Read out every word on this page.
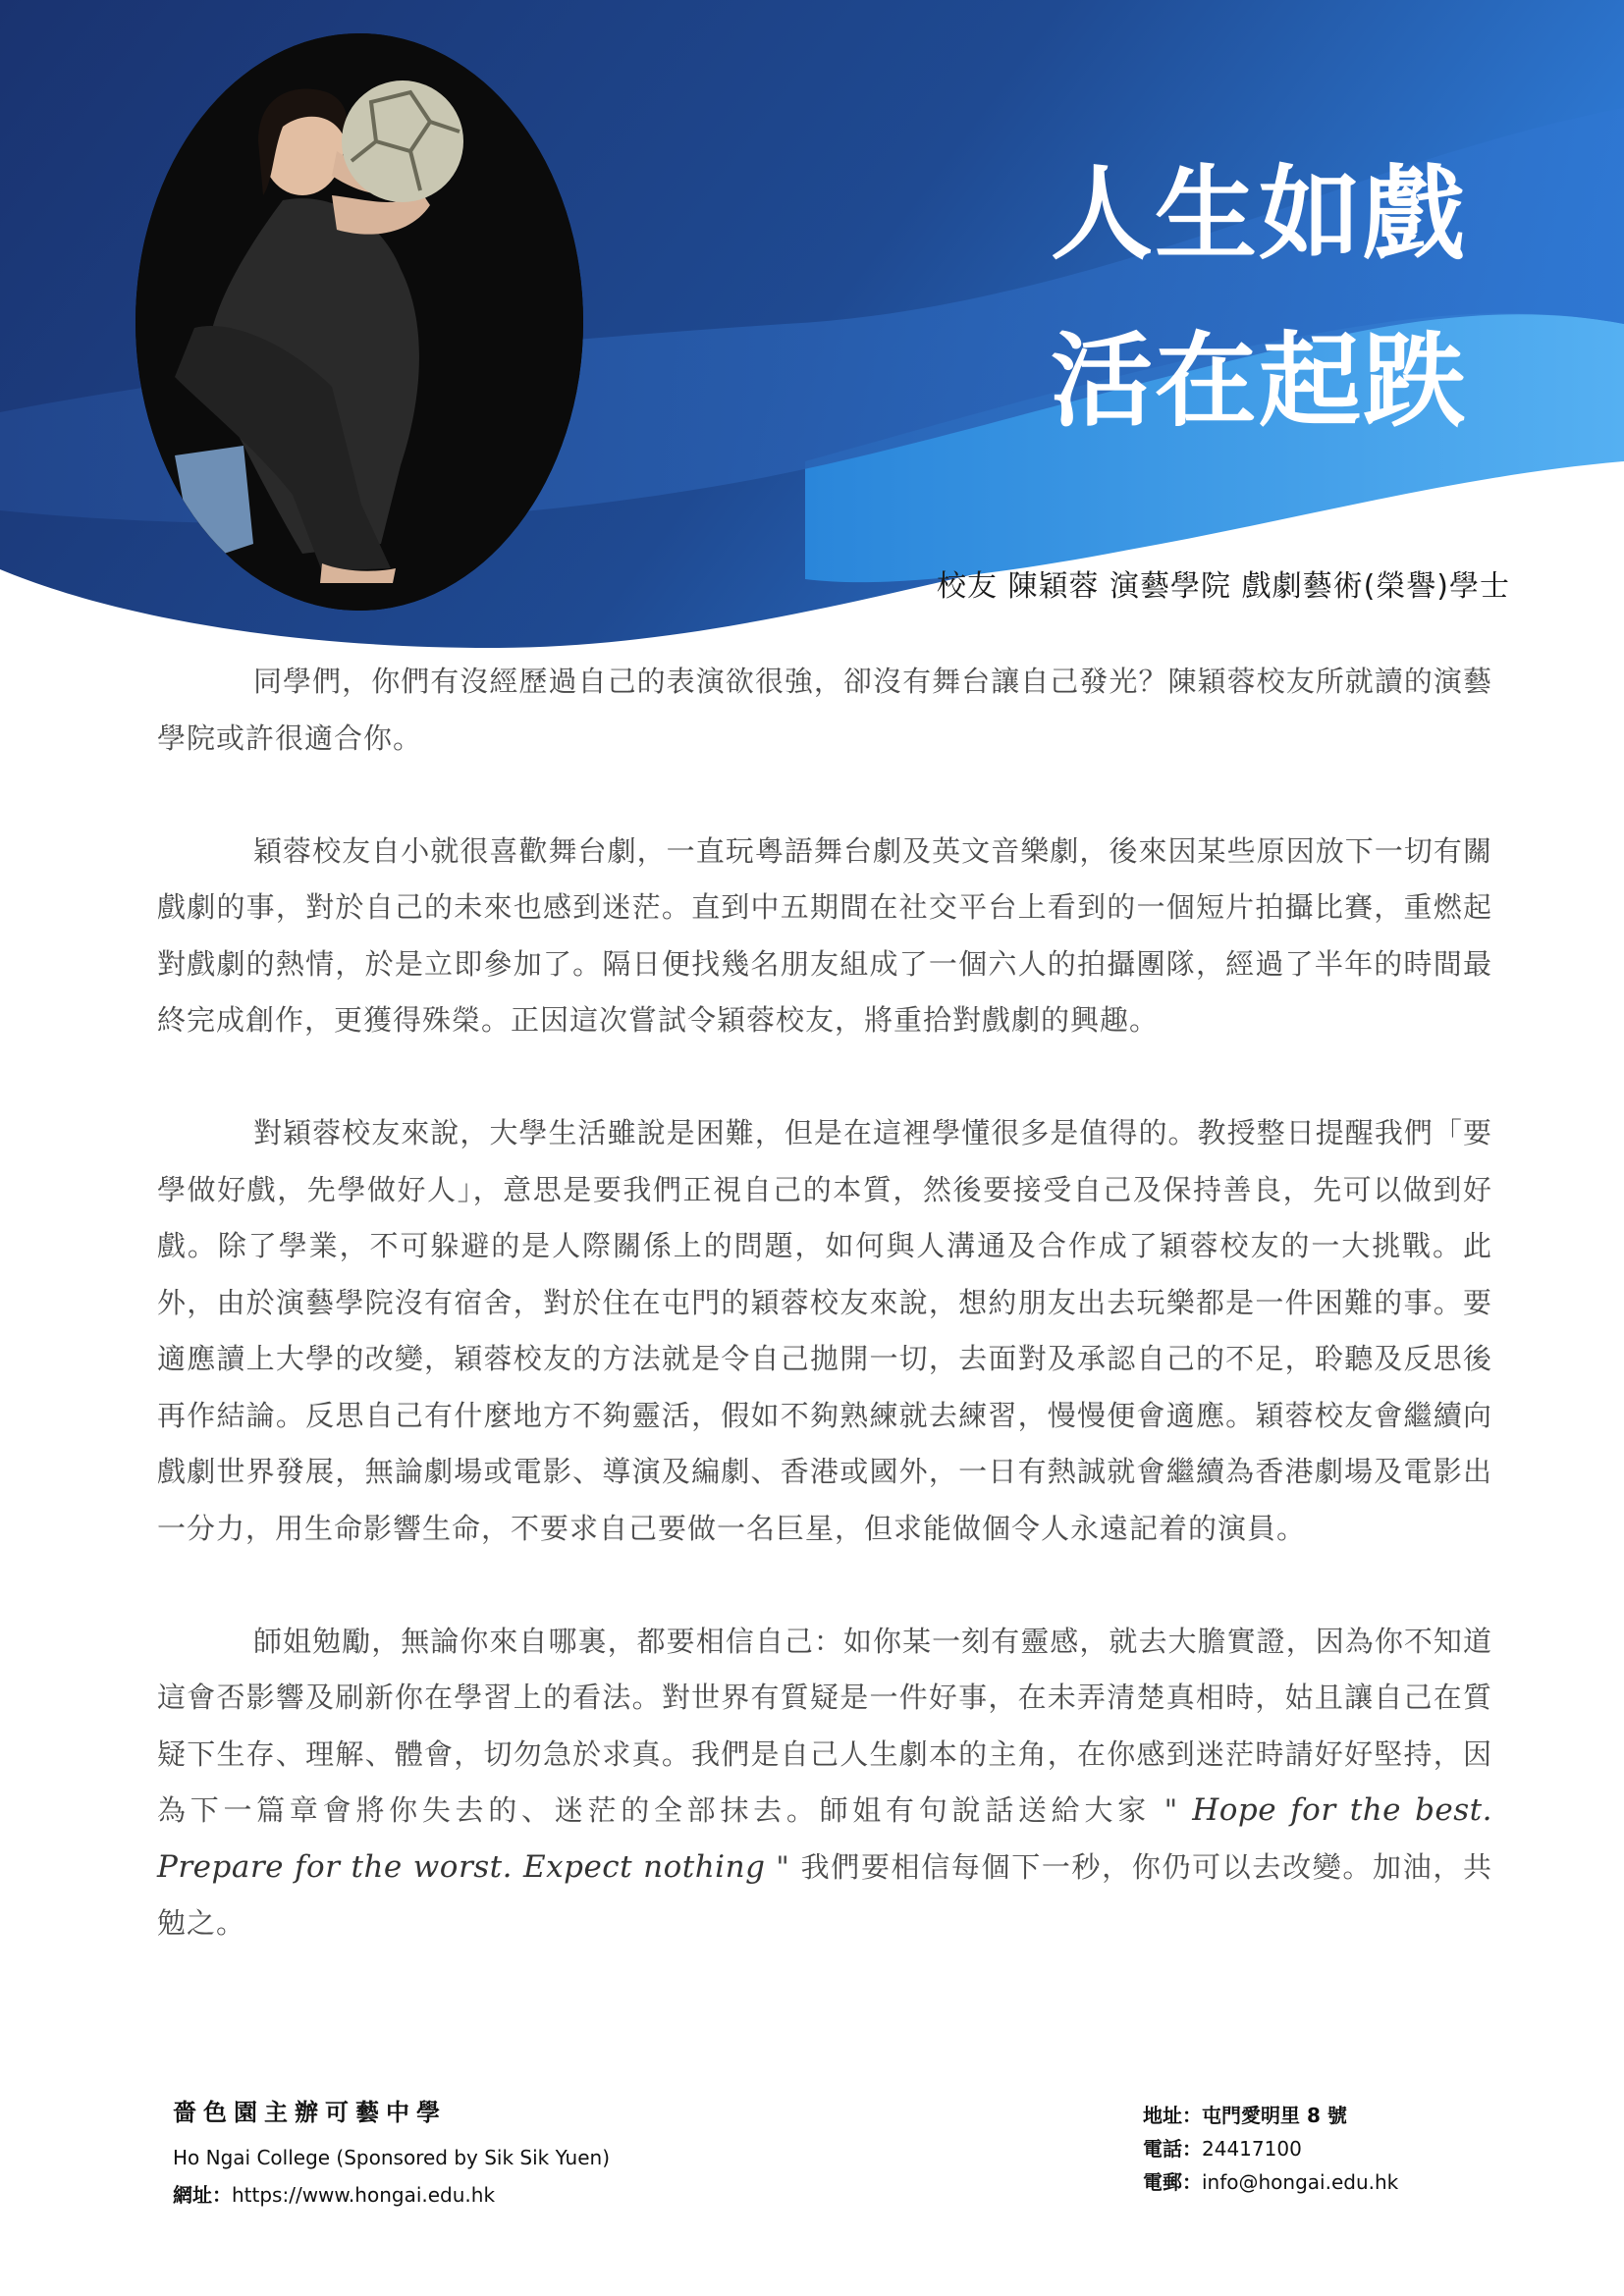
人生如戲
活在起跌
校友 陳穎蓉 演藝學院 戲劇藝術(榮譽)學士

同學們，你們有沒經歷過自己的表演欲很強，卻沒有舞台讓自己發光？陳穎蓉校友所就讀的演藝學院或許很適合你。

穎蓉校友自小就很喜歡舞台劇，一直玩粵語舞台劇及英文音樂劇，後來因某些原因放下一切有關戲劇的事，對於自己的未來也感到迷茫。直到中五期間在社交平台上看到的一個短片拍攝比賽，重燃起對戲劇的熱情，於是立即參加了。隔日便找幾名朋友組成了一個六人的拍攝團隊，經過了半年的時間最終完成創作，更獲得殊榮。正因這次嘗試令穎蓉校友，將重拾對戲劇的興趣。

對穎蓉校友來說，大學生活雖說是困難，但是在這裡學懂很多是值得的。教授整日提醒我們「要學做好戲，先學做好人」，意思是要我們正視自己的本質，然後要接受自己及保持善良，先可以做到好戲。除了學業，不可躲避的是人際關係上的問題，如何與人溝通及合作成了穎蓉校友的一大挑戰。此外，由於演藝學院沒有宿舍，對於住在屯門的穎蓉校友來說，想約朋友出去玩樂都是一件困難的事。要適應讀上大學的改變，穎蓉校友的方法就是令自己拋開一切，去面對及承認自己的不足，聆聽及反思後再作結論。反思自己有什麼地方不夠靈活，假如不夠熟練就去練習，慢慢便會適應。穎蓉校友會繼續向戲劇世界發展，無論劇場或電影、導演及編劇、香港或國外，一日有熱誠就會繼續為香港劇場及電影出一分力，用生命影響生命，不要求自己要做一名巨星，但求能做個令人永遠記着的演員。

師姐勉勵，無論你來自哪裏，都要相信自己：如你某一刻有靈感，就去大膽實證，因為你不知道這會否影響及刷新你在學習上的看法。對世界有質疑是一件好事，在未弄清楚真相時，姑且讓自己在質疑下生存、理解、體會，切勿急於求真。我們是自己人生劇本的主角，在你感到迷茫時請好好堅持，因為下一篇章會將你失去的、迷茫的全部抹去。師姐有句說話送給大家 " Hope for the best. Prepare for the worst. Expect nothing " 我們要相信每個下一秒，你仍可以去改變。加油，共勉之。

嗇色園主辦可藝中學
Ho Ngai College (Sponsored by Sik Sik Yuen)
網址：https://www.hongai.edu.hk
地址：屯門愛明里 8 號
電話：24417100
電郵：info@hongai.edu.hk
